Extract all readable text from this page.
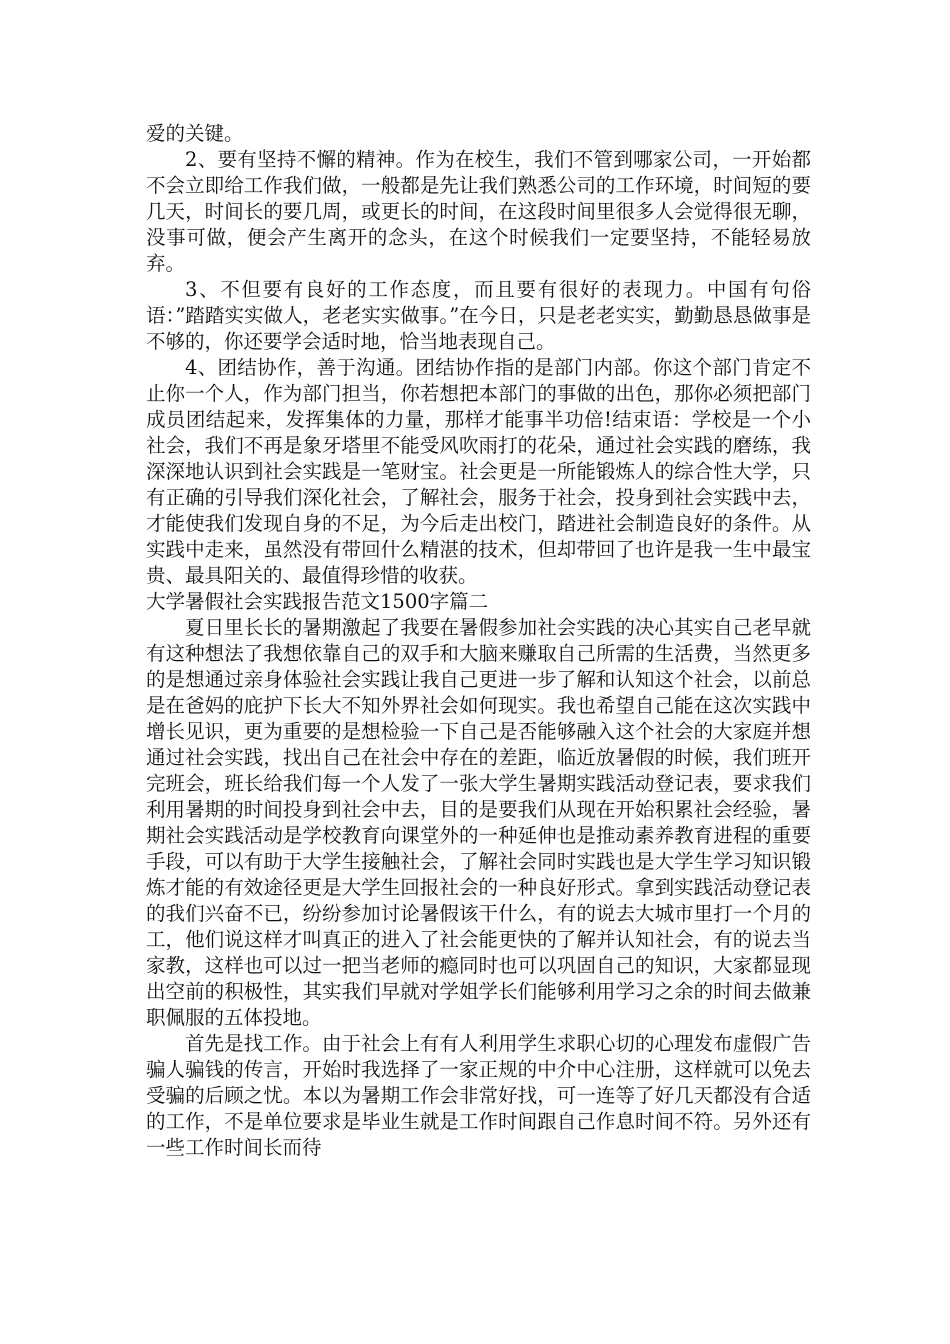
爱的关键。

2、要有坚持不懈的精神。作为在校生，我们不管到哪家公司，一开始都不会立即给工作我们做，一般都是先让我们熟悉公司的工作环境，时间短的要几天，时间长的要几周，或更长的时间，在这段时间里很多人会觉得很无聊，没事可做，便会产生离开的念头，在这个时候我们一定要坚持，不能轻易放弃。

3、不但要有良好的工作态度，而且要有很好的表现力。中国有句俗语：”踏踏实实做人，老老实实做事。”在今日，只是老老实实，勤勤恳恳做事是不够的，你还要学会适时地，恰当地表现自己。

4、团结协作，善于沟通。团结协作指的是部门内部。你这个部门肯定不止你一个人，作为部门担当，你若想把本部门的事做的出色，那你必须把部门成员团结起来，发挥集体的力量，那样才能事半功倍!结束语：学校是一个小社会，我们不再是象牙塔里不能受风吹雨打的花朵，通过社会实践的磨练，我深深地认识到社会实践是一笔财宝。社会更是一所能锻炼人的综合性大学，只有正确的引导我们深化社会，了解社会，服务于社会，投身到社会实践中去，才能使我们发现自身的不足，为今后走出校门，踏进社会制造良好的条件。从实践中走来，虽然没有带回什么精湛的技术，但却带回了也许是我一生中最宝贵、最具阳关的、最值得珍惜的收获。

大学暑假社会实践报告范文1500字篇二

夏日里长长的暑期激起了我要在暑假参加社会实践的决心其实自己老早就有这种想法了我想依靠自己的双手和大脑来赚取自己所需的生活费，当然更多的是想通过亲身体验社会实践让我自己更进一步了解和认知这个社会，以前总是在爸妈的庇护下长大不知外界社会如何现实。我也希望自己能在这次实践中增长见识，更为重要的是想检验一下自己是否能够融入这个社会的大家庭并想通过社会实践，找出自己在社会中存在的差距，临近放暑假的时候，我们班开完班会，班长给我们每一个人发了一张大学生暑期实践活动登记表，要求我们利用暑期的时间投身到社会中去，目的是要我们从现在开始积累社会经验，暑期社会实践活动是学校教育向课堂外的一种延伸也是推动素养教育进程的重要手段，可以有助于大学生接触社会，了解社会同时实践也是大学生学习知识锻炼才能的有效途径更是大学生回报社会的一种良好形式。拿到实践活动登记表的我们兴奋不已，纷纷参加讨论暑假该干什么，有的说去大城市里打一个月的工，他们说这样才叫真正的进入了社会能更快的了解并认知社会，有的说去当家教，这样也可以过一把当老师的瘾同时也可以巩固自己的知识，大家都显现出空前的积极性，其实我们早就对学姐学长们能够利用学习之余的时间去做兼职佩服的五体投地。

首先是找工作。由于社会上有有人利用学生求职心切的心理发布虚假广告骗人骗钱的传言，开始时我选择了一家正规的中介中心注册，这样就可以免去受骗的后顾之忧。本以为暑期工作会非常好找，可一连等了好几天都没有合适的工作，不是单位要求是毕业生就是工作时间跟自己作息时间不符。另外还有一些工作时间长而待
